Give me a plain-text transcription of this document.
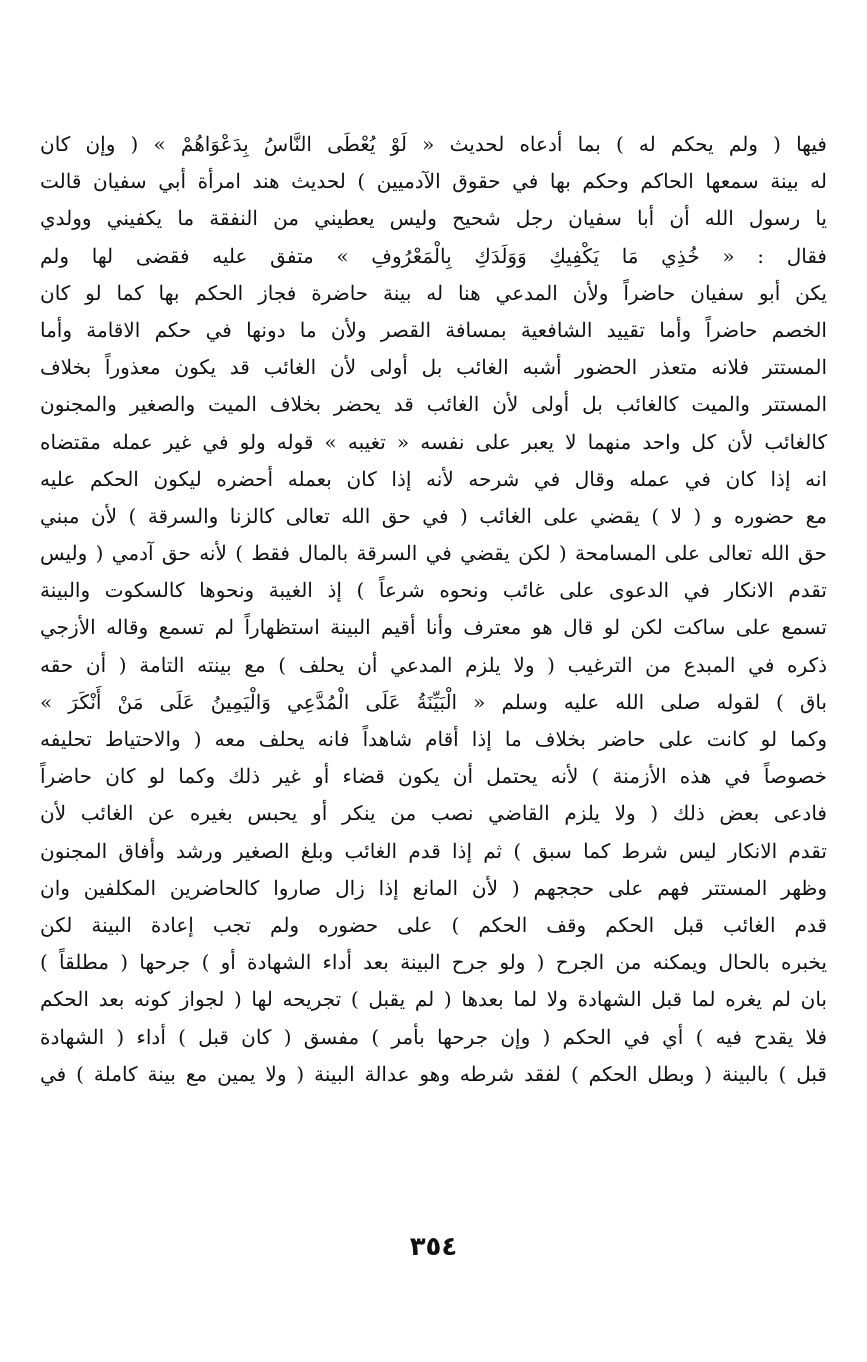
فيها ( ولم يحكم له ) بما أدعاه لحديث « لَوْ يُعْطَى النَّاسُ بِدَعْوَاهُمْ » ( وإن كان
له بينة سمعها الحاكم وحكم بها في حقوق الآدميين ) لحديث هند امرأة أبي سفيان قالت
يا رسول الله أن أبا سفيان رجل شحيح وليس يعطيني من النفقة ما يكفيني وولدي
فقال : « خُذِي مَا يَكْفِيكِ وَوَلَدَكِ بِالْمَعْرُوفِ » متفق عليه فقضى لها ولم
يكن أبو سفيان حاضراً ولأن المدعي هنا له بينة حاضرة فجاز الحكم بها كما لو كان
الخصم حاضراً وأما تقييد الشافعية بمسافة القصر ولأن ما دونها في حكم الاقامة وأما
المستتر فلانه متعذر الحضور أشبه الغائب بل أولى لأن الغائب قد يكون معذوراً بخلاف
المستتر والميت كالغائب بل أولى لأن الغائب قد يحضر بخلاف الميت والصغير والمجنون
كالغائب لأن كل واحد منهما لا يعبر على نفسه « تغيبه » قوله ولو في غير عمله مقتضاه
انه إذا كان في عمله وقال في شرحه لأنه إذا كان بعمله أحضره ليكون الحكم عليه
مع حضوره و ( لا ) يقضي على الغائب ( في حق الله تعالى كالزنا والسرقة ) لأن مبني
حق الله تعالى على المسامحة ( لكن يقضي في السرقة بالمال فقط ) لأنه حق آدمي ( وليس
تقدم الانكار في الدعوى على غائب ونحوه شرعاً ) إذ الغيبة ونحوها كالسكوت والبينة
تسمع على ساكت لكن لو قال هو معترف وأنا أقيم البينة استظهاراً لم تسمع وقاله الأزجي
ذكره في المبدع من الترغيب ( ولا يلزم المدعي أن يحلف ) مع بينته التامة ( أن حقه
باق ) لقوله صلى الله عليه وسلم « الْبَيِّنَةُ عَلَى الْمُدَّعِي وَالْيَمِينُ عَلَى مَنْ أَنْكَرَ »
وكما لو كانت على حاضر بخلاف ما إذا أقام شاهداً فانه يحلف معه ( والاحتياط تحليفه
خصوصاً في هذه الأزمنة ) لأنه يحتمل أن يكون قضاء أو غير ذلك وكما لو كان حاضراً
فادعى بعض ذلك ( ولا يلزم القاضي نصب من ينكر أو يحبس بغيره عن الغائب لأن
تقدم الانكار ليس شرط كما سبق ) ثم إذا قدم الغائب وبلغ الصغير ورشد وأفاق المجنون
وظهر المستتر فهم على حججهم ( لأن المانع إذا زال صاروا كالحاضرين المكلفين وان
قدم الغائب قبل الحكم وقف الحكم ) على حضوره ولم تجب إعادة البينة لكن
يخبره بالحال ويمكنه من الجرح ( ولو جرح البينة بعد أداء الشهادة أو ) جرحها ( مطلقاً )
بان لم يغره لما قبل الشهادة ولا لما بعدها ( لم يقبل ) تجريحه لها ( لجواز كونه بعد الحكم
فلا يقدح فيه ) أي في الحكم ( وإن جرحها بأمر ) مفسق ( كان قبل ) أداء ( الشهادة
قبل ) بالبينة ( وبطل الحكم ) لفقد شرطه وهو عدالة البينة ( ولا يمين مع بينة كاملة ) في
٣٥٤
